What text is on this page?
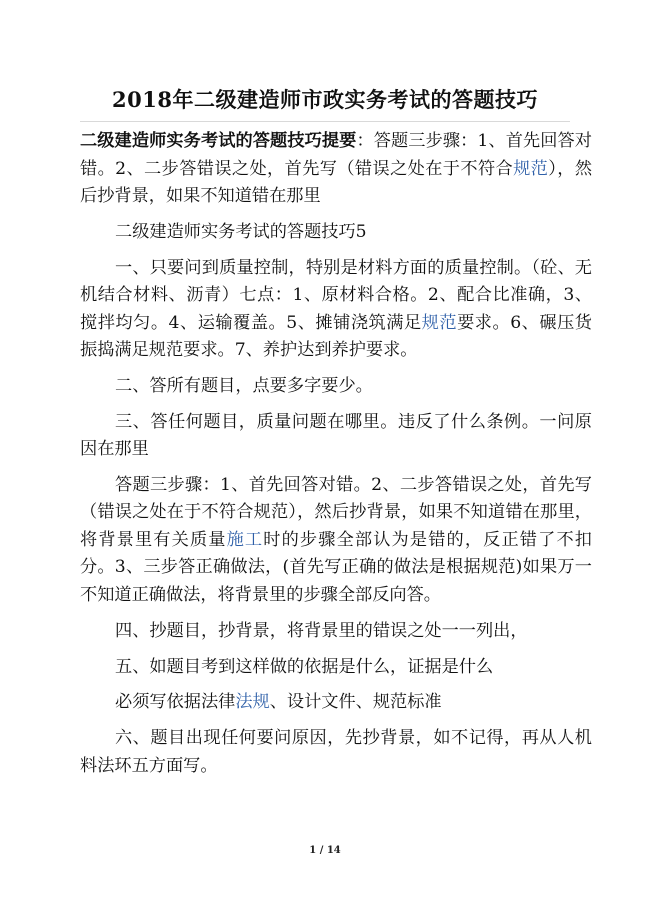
2018年二级建造师市政实务考试的答题技巧

二级建造师实务考试的答题技巧提要：答题三步骤：1、首先回答对错。2、二步答错误之处，首先写（错误之处在于不符合规范），然后抄背景，如果不知道错在那里

二级建造师实务考试的答题技巧5

一、只要问到质量控制，特别是材料方面的质量控制。（砼、无机结合材料、沥青）七点：1、原材料合格。2、配合比准确，3、搅拌均匀。4、运输覆盖。5、摊铺浇筑满足规范要求。6、碾压货振捣满足规范要求。7、养护达到养护要求。

二、答所有题目，点要多字要少。

三、答任何题目，质量问题在哪里。违反了什么条例。一问原因在那里

答题三步骤：1、首先回答对错。2、二步答错误之处，首先写（错误之处在于不符合规范），然后抄背景，如果不知道错在那里，将背景里有关质量施工时的步骤全部认为是错的，反正错了不扣分。3、三步答正确做法，(首先写正确的做法是根据规范)如果万一不知道正确做法，将背景里的步骤全部反向答。

四、抄题目，抄背景，将背景里的错误之处一一列出，

五、如题目考到这样做的依据是什么，证据是什么

必须写依据法律法规、设计文件、规范标准

六、题目出现任何要问原因，先抄背景，如不记得，再从人机料法环五方面写。

1 / 14
